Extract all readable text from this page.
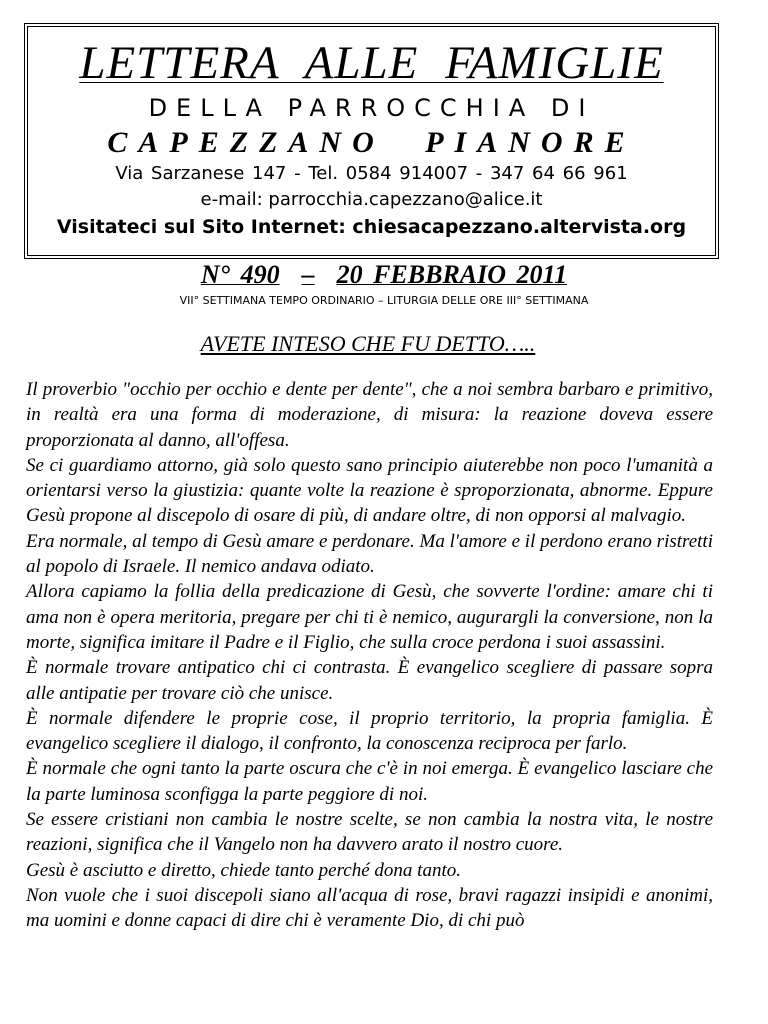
LETTERA ALLE FAMIGLIE
DELLA PARROCCHIA DI
CAPEZZANO PIANORE
Via Sarzanese 147 - Tel. 0584 914007 - 347 64 66 961
e-mail: parrocchia.capezzano@alice.it
Visitateci sul Sito Internet: chiesacapezzano.altervista.org
N° 490 – 20 FEBBRAIO 2011
VII° SETTIMANA TEMPO ORDINARIO – LITURGIA DELLE ORE III° SETTIMANA
AVETE INTESO CHE FU DETTO…..

Il proverbio "occhio per occhio e dente per dente", che a noi sembra barbaro e primitivo, in realtà era una forma di moderazione, di misura: la reazione doveva essere proporzionata al danno, all'offesa.

Se ci guardiamo attorno, già solo questo sano principio aiuterebbe non poco l'umanità a orientarsi verso la giustizia: quante volte la reazione è sproporzionata, abnorme. Eppure Gesù propone al discepolo di osare di più, di andare oltre, di non opporsi al malvagio.

Era normale, al tempo di Gesù amare e perdonare. Ma l'amore e il perdono erano ristretti al popolo di Israele. Il nemico andava odiato.

Allora capiamo la follia della predicazione di Gesù, che sovverte l'ordine: amare chi ti ama non è opera meritoria, pregare per chi ti è nemico, augurargli la conversione, non la morte, significa imitare il Padre e il Figlio, che sulla croce perdona i suoi assassini.

È normale trovare antipatico chi ci contrasta. È evangelico scegliere di passare sopra alle antipatie per trovare ciò che unisce.

È normale difendere le proprie cose, il proprio territorio, la propria famiglia. È evangelico scegliere il dialogo, il confronto, la conoscenza reciproca per farlo.

È normale che ogni tanto la parte oscura che c'è in noi emerga. È evangelico lasciare che la parte luminosa sconfigga la parte peggiore di noi.

Se essere cristiani non cambia le nostre scelte, se non cambia la nostra vita, le nostre reazioni, significa che il Vangelo non ha davvero arato il nostro cuore.

Gesù è asciutto e diretto, chiede tanto perché dona tanto.

Non vuole che i suoi discepoli siano all'acqua di rose, bravi ragazzi insipidi e anonimi, ma uomini e donne capaci di dire chi è veramente Dio, di chi può
